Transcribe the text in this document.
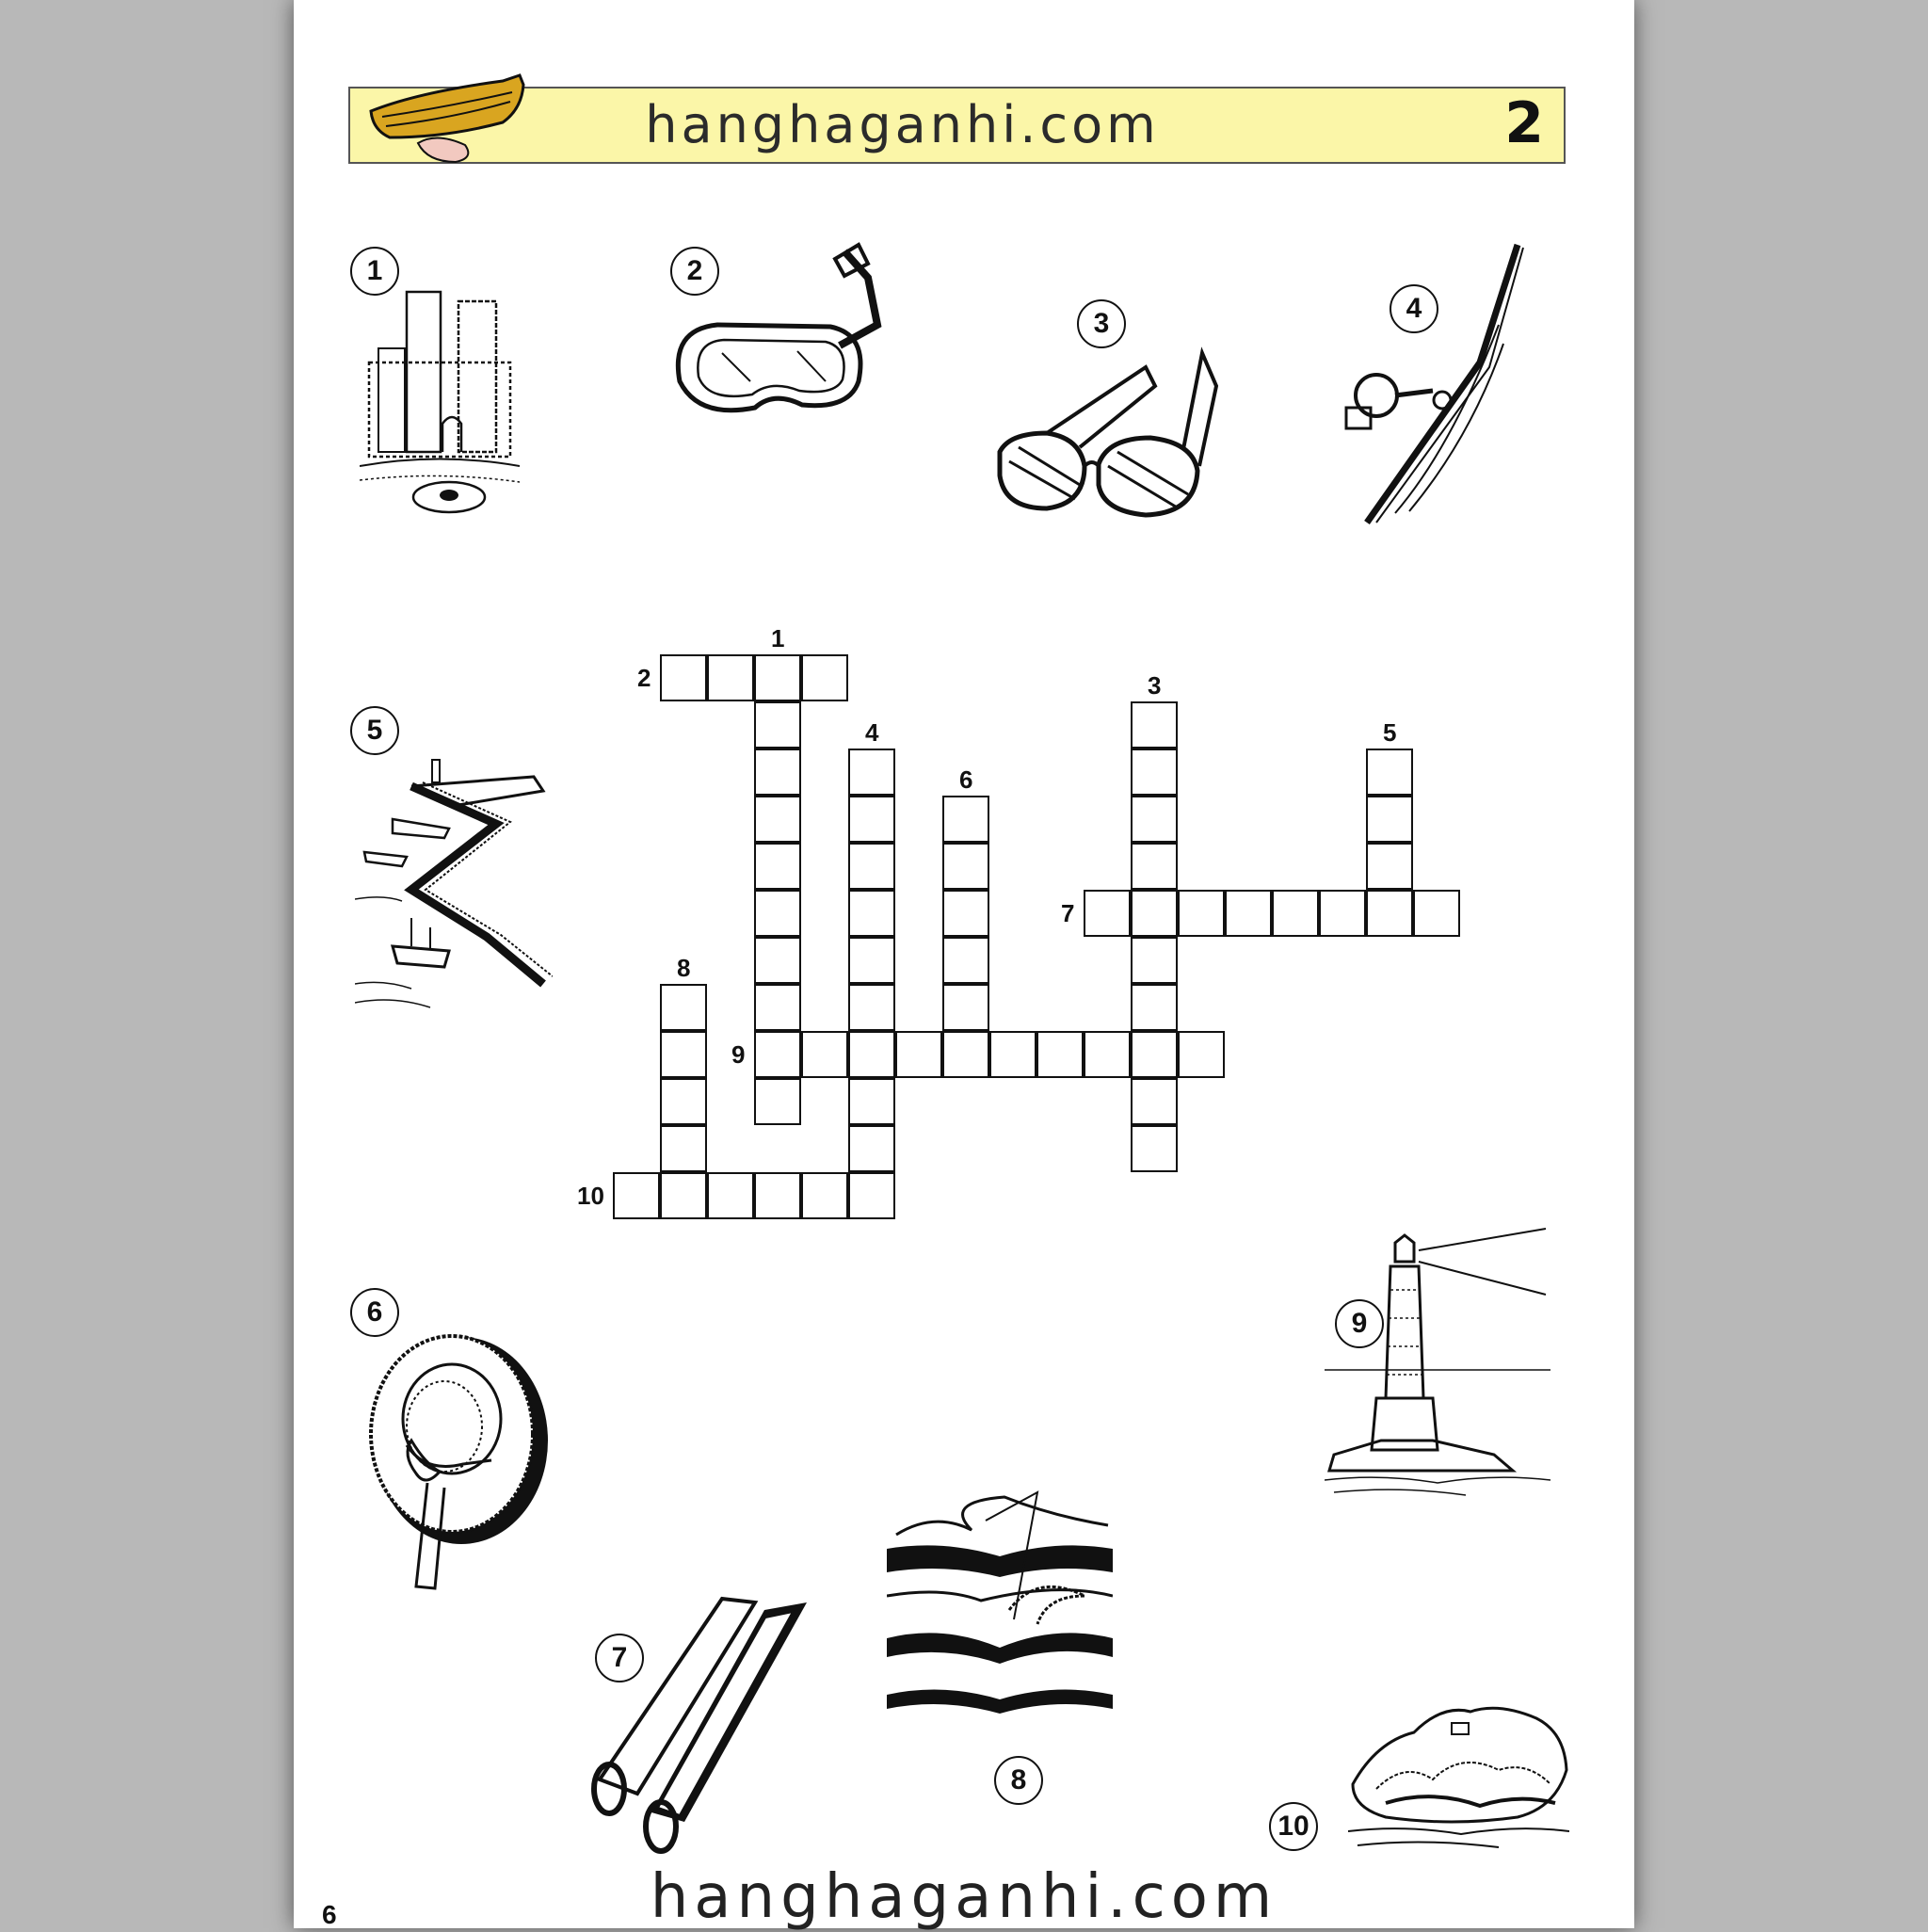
hanghaganhi.com	2
1	2
3	4
5
6
7
8
9
10
1
2	3
4	5
6
7
8
9
10
hanghaganhi.com
6
